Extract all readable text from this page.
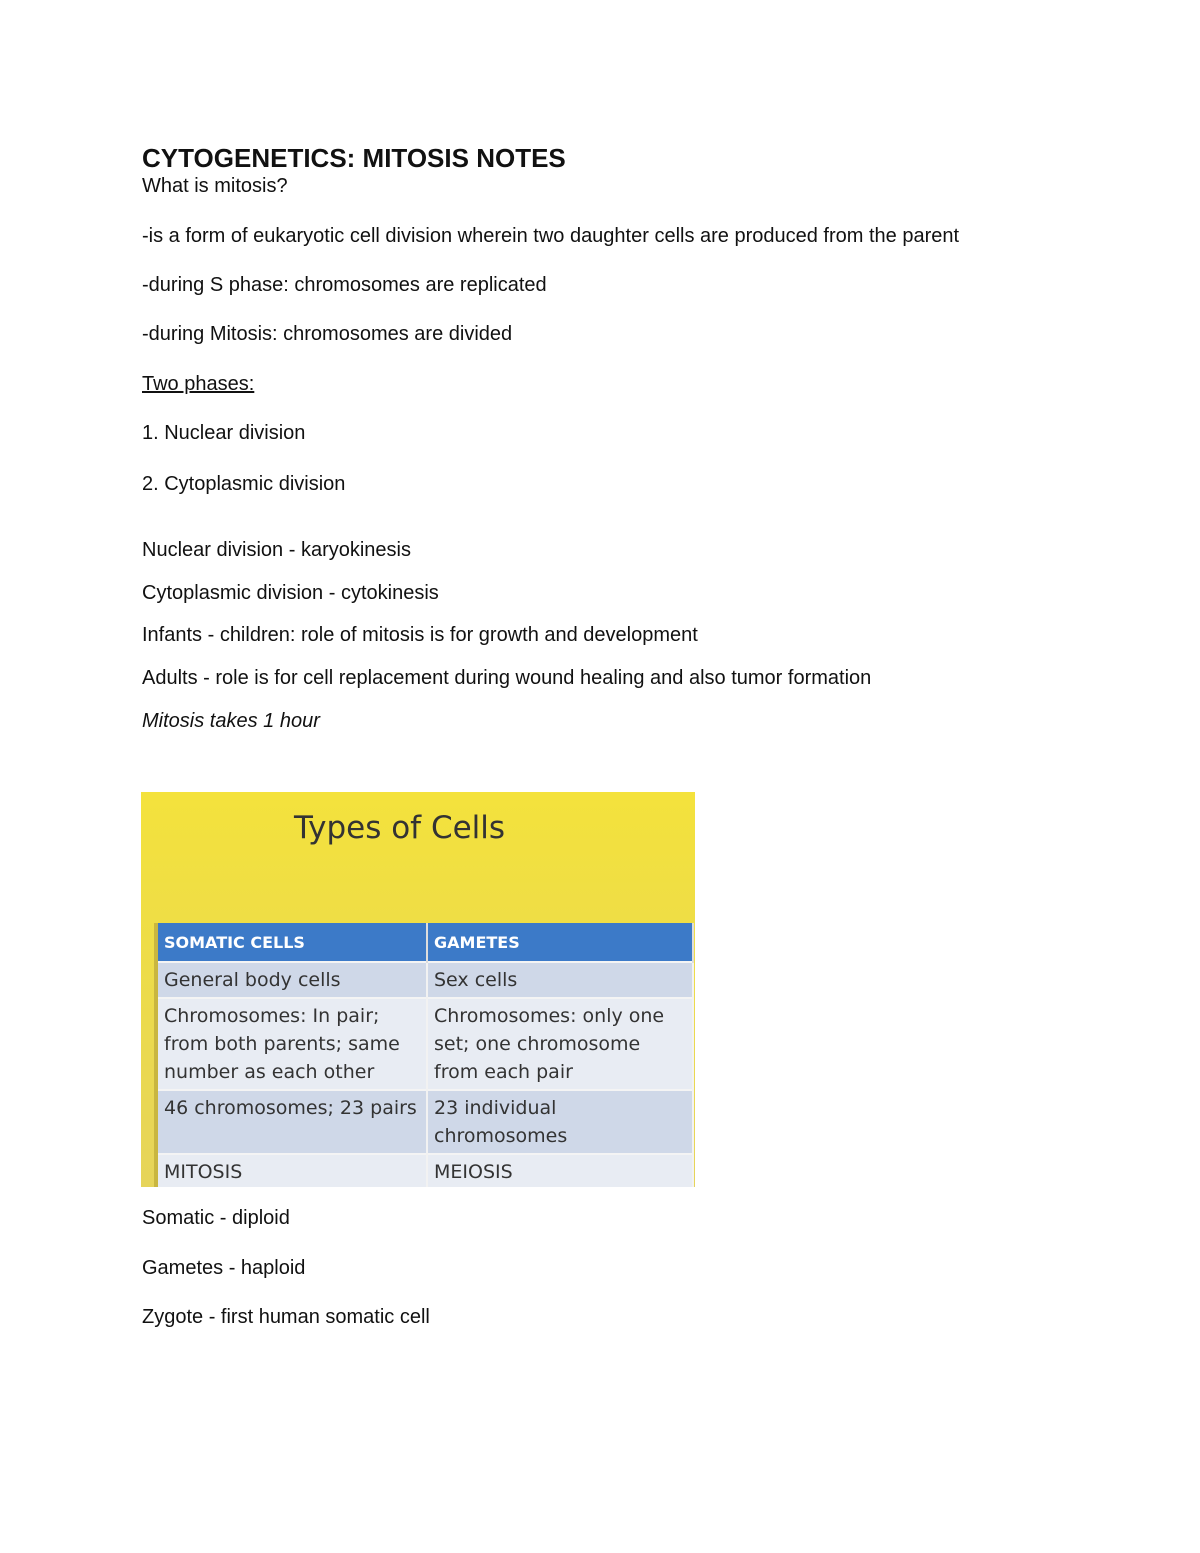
CYTOGENETICS: MITOSIS NOTES
What is mitosis?
-is a form of eukaryotic cell division wherein two daughter cells are produced from the parent
-during S phase: chromosomes are replicated
-during Mitosis: chromosomes are divided
Two phases:
1. Nuclear division
2. Cytoplasmic division
Nuclear division - karyokinesis
Cytoplasmic division - cytokinesis
Infants - children: role of mitosis is for growth and development
Adults - role is for cell replacement during wound healing and also tumor formation
Mitosis takes 1 hour
Types of Cells
SOMATIC CELLS	GAMETES
General body cells	Sex cells
Chromosomes: In pair; from both parents; same number as each other	Chromosomes: only one set; one chromosome from each pair
46 chromosomes; 23 pairs	23 individual chromosomes
MITOSIS	MEIOSIS
Somatic - diploid
Gametes - haploid
Zygote - first human somatic cell
